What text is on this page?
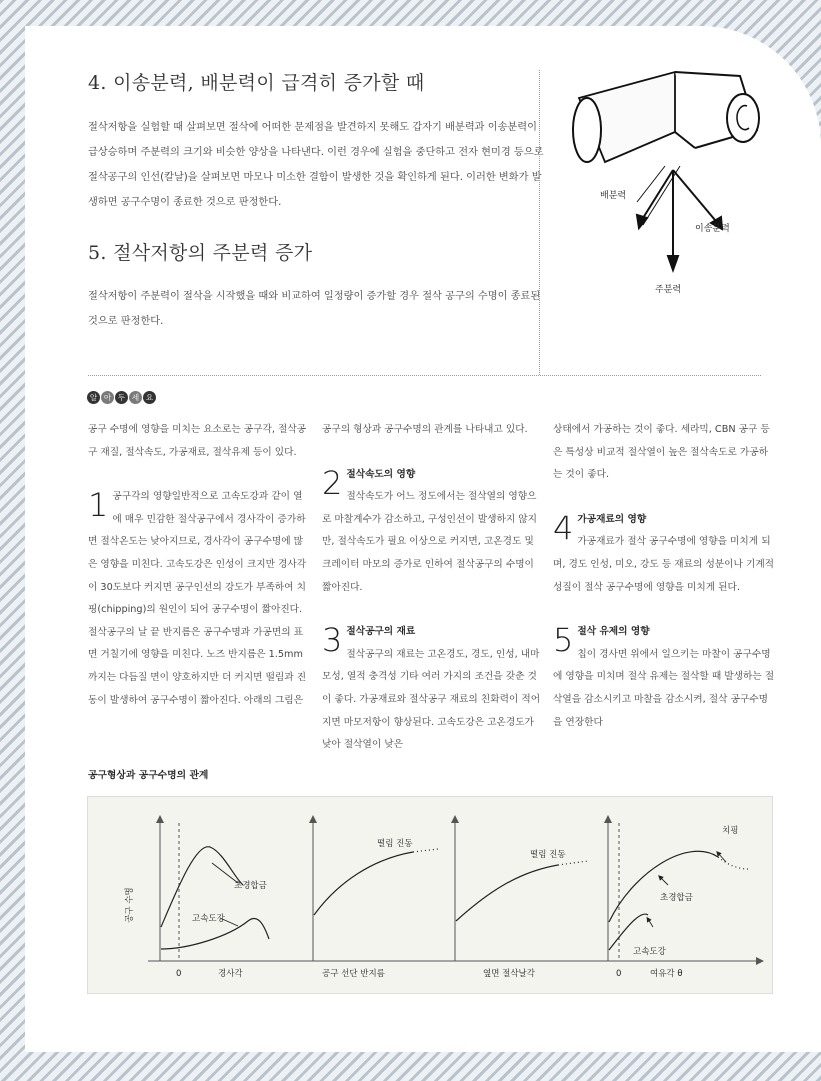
4. 이송분력, 배분력이 급격히 증가할 때
절삭저항을 실험할 때 살펴보면 절삭에 어떠한 문제점을 발견하지 못해도 갑자기 배분력과 이송분력이 급상승하며 주분력의 크기와 비슷한 양상을 나타낸다. 이런 경우에 실험을 중단하고 전자 현미경 등으로 절삭공구의 인선(칼날)을 살펴보면 마모나 미소한 결함이 발생한 것을 확인하게 된다. 이러한 변화가 발생하면 공구수명이 종료한 것으로 판정한다.
5. 절삭저항의 주분력 증가
절삭저항이 주분력이 절삭을 시작했을 때와 비교하여 일정량이 증가할 경우 절삭 공구의 수명이 종료된 것으로 판정한다.
배분력
이송분력
주분력
알 아 두 세 요
공구 수명에 영향을 미치는 요소로는 공구각, 절삭공구 재질, 절삭속도, 가공재료, 절삭유제 등이 있다.
1 공구각의 영향일반적으로 고속도강과 같이 열에 매우 민감한 절삭공구에서 경사각이 증가하면 절삭온도는 낮아지므로, 경사각이 공구수명에 많은 영향을 미친다. 고속도강은 인성이 크지만 경사각이 30도보다 커지면 공구인선의 강도가 부족하여 치핑(chipping)의 원인이 되어 공구수명이 짧아진다. 절삭공구의 날 끝 반지름은 공구수명과 가공면의 표면 거칠기에 영향을 미친다. 노즈 반지름은 1.5mm 까지는 다듬질 면이 양호하지만 더 커지면 떨림과 진동이 발생하여 공구수명이 짧아진다. 아래의 그림은
공구의 형상과 공구수명의 관계를 나타내고 있다.
2 절삭속도의 영향
절삭속도가 어느 정도에서는 절삭열의 영향으로 마찰계수가 감소하고, 구성인선이 발생하지 않지만, 절삭속도가 필요 이상으로 커지면, 고온경도 및 크레이터 마모의 증가로 인하여 절삭공구의 수명이 짧아진다.
3 절삭공구의 재료
절삭공구의 재료는 고온경도, 경도, 인성, 내마모성, 열적 충격성 기타 여러 가지의 조건을 갖춘 것이 좋다. 가공재료와 절삭공구 재료의 친화력이 적어지면 마모저항이 향상된다. 고속도강은 고온경도가 낮아 절삭열이 낮은
상태에서 가공하는 것이 좋다. 세라믹, CBN 공구 등은 특성상 비교적 절삭열이 높은 절삭속도로 가공하는 것이 좋다.
4 가공재료의 영향
가공재료가 절삭 공구수명에 영향을 미치게 되며, 경도 인성, 미오, 강도 등 재료의 성분이나 기계적 성질이 절삭 공구수명에 영향을 미치게 된다.
5 절삭 유제의 영향
칩이 경사면 위에서 일으키는 마찰이 공구수명에 영향을 미치며 절삭 유제는 절삭할 때 발생하는 절삭열을 감소시키고 마찰을 감소시켜, 절삭 공구수명을 연장한다
공구형상과 공구수명의 관계
공구 수명
0	경사각
초경합금
고속도강
공구 선단 반지름
떨림 진동
옆면 절삭날각
떨림 진동
0	여유각 θ
치핑
초경합금
고속도강
